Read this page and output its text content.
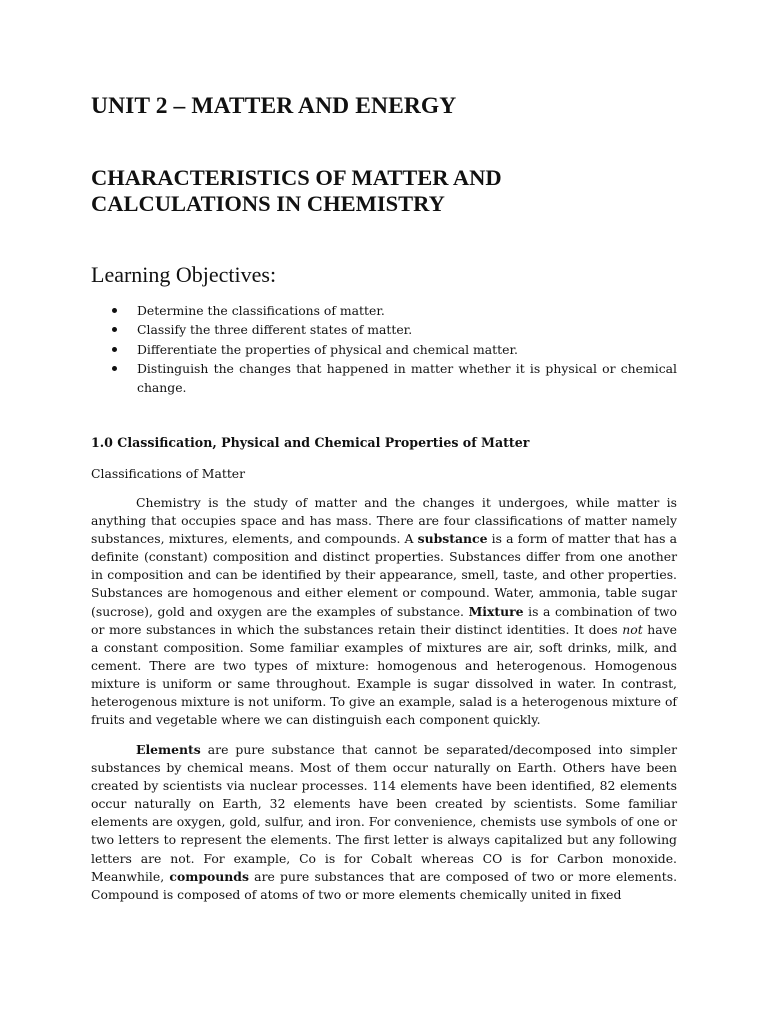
UNIT 2 – MATTER AND ENERGY
CHARACTERISTICS OF MATTER AND
CALCULATIONS IN CHEMISTRY
Learning Objectives:
Determine the classifications of matter.
Classify the three different states of matter.
Differentiate the properties of physical and chemical matter.
Distinguish the changes that happened in matter whether it is physical or chemical change.
1.0 Classification, Physical and Chemical Properties of Matter

Classifications of Matter

Chemistry is the study of matter and the changes it undergoes, while matter is anything that occupies space and has mass. There are four classifications of matter namely substances, mixtures, elements, and compounds. A substance is a form of matter that has a definite (constant) composition and distinct properties. Substances differ from one another in composition and can be identified by their appearance, smell, taste, and other properties. Substances are homogenous and either element or compound. Water, ammonia, table sugar (sucrose), gold and oxygen are the examples of substance. Mixture is a combination of two or more substances in which the substances retain their distinct identities. It does not have a constant composition. Some familiar examples of mixtures are air, soft drinks, milk, and cement. There are two types of mixture: homogenous and heterogenous. Homogenous mixture is uniform or same throughout. Example is sugar dissolved in water. In contrast, heterogenous mixture is not uniform. To give an example, salad is a heterogenous mixture of fruits and vegetable where we can distinguish each component quickly.

Elements are pure substance that cannot be separated/decomposed into simpler substances by chemical means. Most of them occur naturally on Earth. Others have been created by scientists via nuclear processes. 114 elements have been identified, 82 elements occur naturally on Earth, 32 elements have been created by scientists. Some familiar elements are oxygen, gold, sulfur, and iron. For convenience, chemists use symbols of one or two letters to represent the elements. The first letter is always capitalized but any following letters are not. For example, Co is for Cobalt whereas CO is for Carbon monoxide. Meanwhile, compounds are pure substances that are composed of two or more elements. Compound is composed of atoms of two or more elements chemically united in fixed
